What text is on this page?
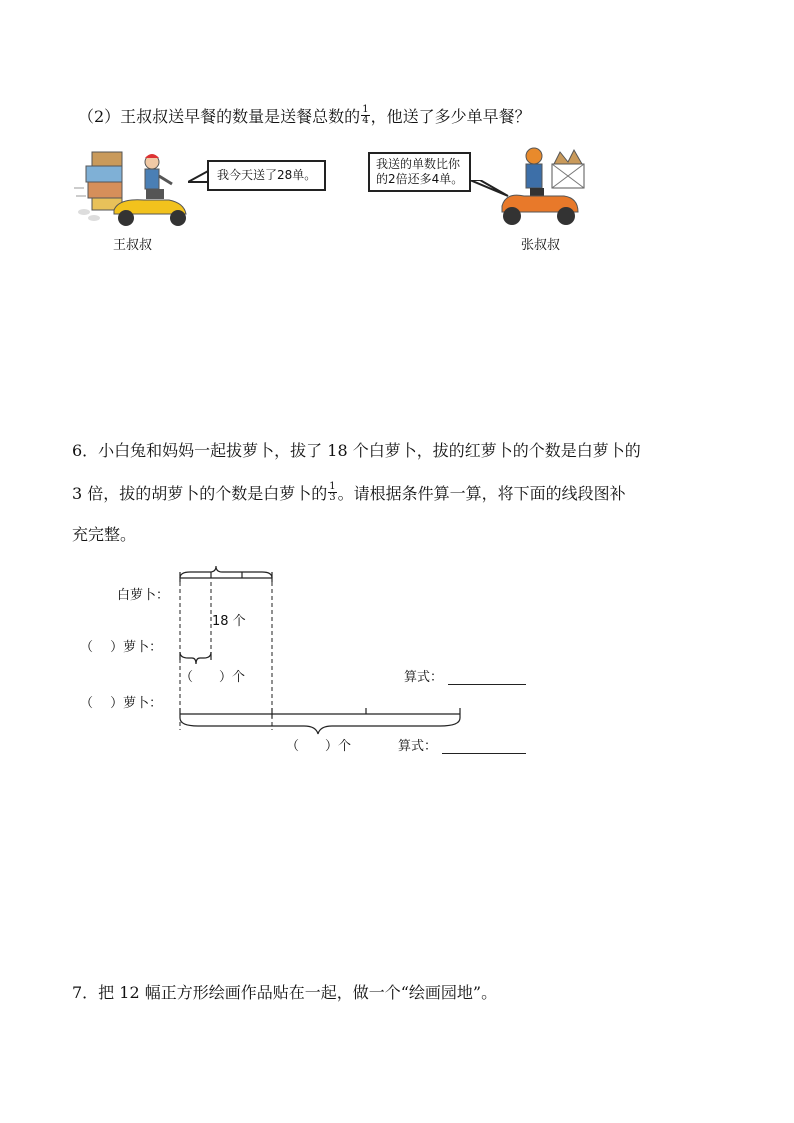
（2）王叔叔送早餐的数量是送餐总数的 $\frac{1}{4}$ ，他送了多少单早餐？
王叔叔
我今天送了28单。
我送的单数比你
的2倍还多4单。
张叔叔
6．小白兔和妈妈一起拔萝卜，拔了 18 个白萝卜，拔的红萝卜的个数是白萝卜的
3 倍，拔的胡萝卜的个数是白萝卜的 $\frac{1}{3}$ 。请根据条件算一算，将下面的线段图补
充完整。
白萝卜：
18 个
（　 ）萝卜：
（　　）个	算式：
（　 ）萝卜：
（　　）个	算式：
7．把 12 幅正方形绘画作品贴在一起，做一个“绘画园地”。
